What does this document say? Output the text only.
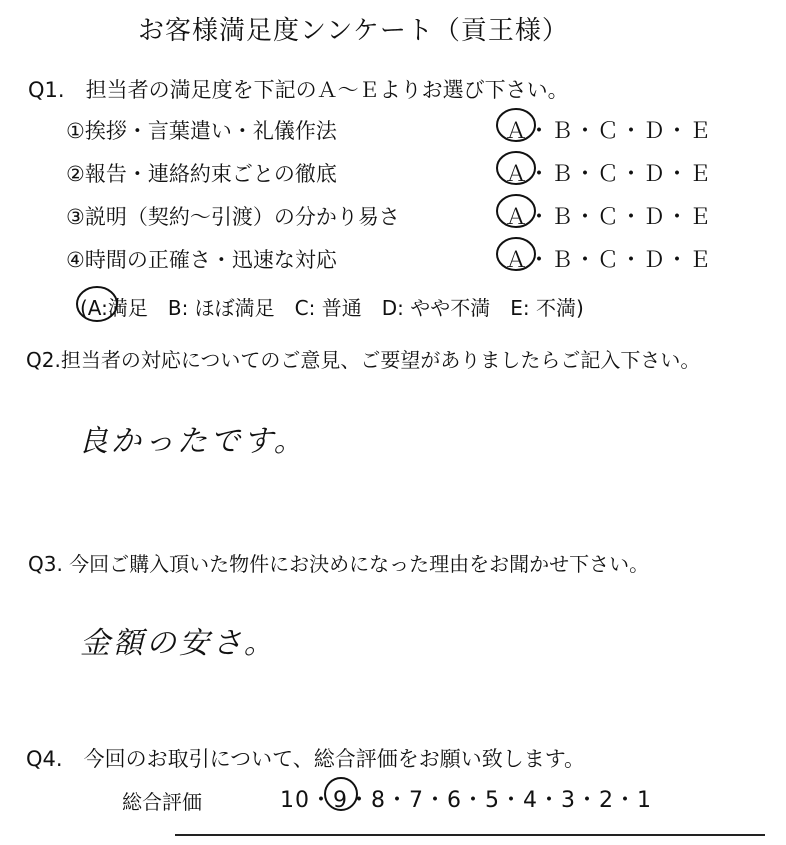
お客様満足度ンンケート（貢王様）
Q1.　担当者の満足度を下記のＡ～Ｅよりお選び下さい。
①挨拶・言葉遣い・礼儀作法	Ａ・Ｂ・Ｃ・Ｄ・Ｅ
②報告・連絡約束ごとの徹底	Ａ・Ｂ・Ｃ・Ｄ・Ｅ
③説明（契約～引渡）の分かり易さ	Ａ・Ｂ・Ｃ・Ｄ・Ｅ
④時間の正確さ・迅速な対応	Ａ・Ｂ・Ｃ・Ｄ・Ｅ
(A:満足　B: ほぼ満足　C: 普通　D: やや不満　E: 不満)
Q2.担当者の対応についてのご意見、ご要望がありましたらご記入下さい。
良かったです。
Q3. 今回ご購入頂いた物件にお決めになった理由をお聞かせ下さい。
金額の安さ。
Q4.　今回のお取引について、総合評価をお願い致します。
総合評価	10・9・8・7・6・5・4・3・2・1
